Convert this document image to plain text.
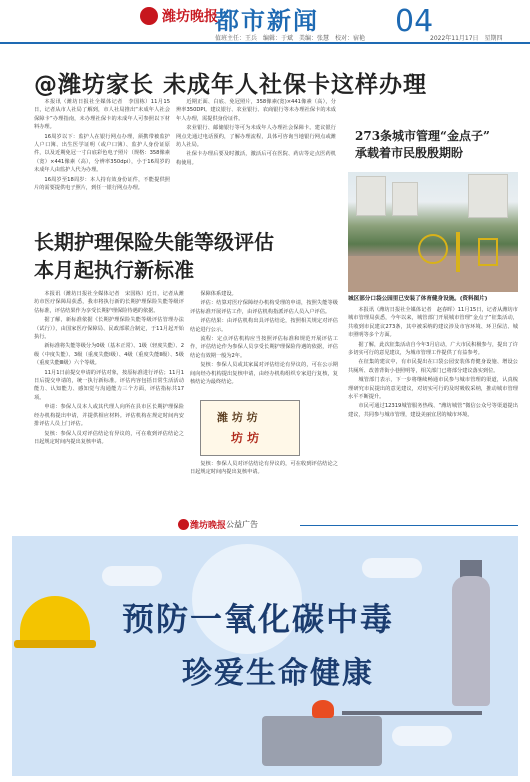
潍坊晚报
都市新闻	04
值班主任：王兵　编辑：于斌　美编：张慧　校对：宿艳	2022年11月17日　星期四
@潍坊家长 未成年人社保卡这样办理

本报讯（潍坊日报社全媒体记者　李国栋）11月15日，记者从市人社局了解到，市人社局推出“未成年人社会保障卡”办理指南，未办理社保卡的未成年人可参照以下材料办理。

16周岁以下：监护人在银行网点办理，须携带被监护人户口簿、出生医学证明（或户口簿）、监护人身份证原件，以及近期免冠一寸白底彩色电子照片（规格：358像素（宽）×441像素（高），分辨率350dpi），小于16周岁的未成年人由监护人代为办理。

16周岁至18周岁：本人持有效身份证件，不能提供照片的需要提供电子照片，到任一银行网点办理。

近期正面、白底、免冠照片，358像素(宽)×441像素（高），分辨率350DPI。建议银行、农业银行、农商银行等未办理社保卡的未成年人办理，需提供身份证件。

农业银行、邮储银行等可为未成年人办理社会保障卡。建议银行网点先通过电话预约，了解办理流程，具体可咨询当地银行网点或潍坊人社局。

社保卡办理后要及时激活，激活后可在医院、药店等定点医药机构使用。

长期护理保险失能等级评估
本月起执行新标准

本报讯（潍坊日报社全媒体记者　宋国栋）近日，记者从潍坊市医疗保障局获悉，我市将执行新的长期护理保险失能等级评估标准，评估结果作为享受长期护理保险待遇的依据。

据了解，新标准依据《长期护理保险失能等级评估管理办法（试行）》，由国家医疗保障局、民政部联合制定，于11月起开始执行。

新标准将失能等级分为0级（基本正常）、1级（轻度失能）、2级（中度失能）、3级（重度失能Ⅰ级）、4级（重度失能Ⅱ级）、5级（重度失能Ⅲ级）六个等级。

11月1日前提交申请的评估对象，按原标准进行评估；11月1日后提交申请的，统一执行新标准。评估内容包括日常生活活动能力、认知能力、感知觉与沟通能力三个方面，评估指标共17项。

申请：参保人员本人或其代理人向所在县市区长期护理保险经办机构提出申请，并提供相应材料。评估机构在规定时间内安排评估人员上门评估。

复核：参保人员对评估结论有异议的，可在收到评估结论之日起规定时间内提出复核申请。

保障体系建设。

评估：结算对医疗保障经办机构受理的申请，按照失能等级评估标准开展评估工作，由评估机构指派评估人员入户评估。

评估结果：由评估机构出具评估结论，按照相关规定对评估结论进行公示。

流程：定点评估机构应当按照评估标准和规范开展评估工作，评估结论作为参保人员享受长期护理保险待遇的依据，评估结论有效期一般为2年。

复核：参保人员或其家属对评估结论有异议的，可在公示期间向经办机构提出复核申请，由经办机构组织专家进行复核，复核结论为最终结论。

潍 坊 坊
坊 坊

复核：参保人员对评估结论有异议的，可在收到评估结论之日起规定时间内提出复核申请。

273条城市管理“金点子”
承载着市民殷殷期盼
城区部分口袋公园里已安装了体育健身设施。(资料图片)

本报讯（潍坊日报社全媒体记者　赵春晖）11月15日，记者从潍坊市城市管理局获悉，今年以来，城管部门开展城市管理“金点子”征集活动，共收到市民建议273条，其中被采纳的建议涉及市容环境、环卫保洁、城市照明等多个方面。

据了解，此次征集活动自今年3月启动，广大市民积极参与，提出了许多切实可行的意见建议，为城市管理工作提供了有益参考。

在征集的建议中，有市民提出在口袋公园安装体育健身设施、增设公共厕所、改善背街小巷照明等，相关部门已将部分建议落实到位。

城管部门表示，下一步将继续畅通市民参与城市管理的渠道，认真梳理研究市民提出的意见建议，对切实可行的及时吸收采纳，推动城市管理水平不断提升。

市民可通过12319城管服务热线、“潍坊城管”微信公众号等渠道提出建议，共同参与城市管理，建设美丽宜居的城市环境。

潍坊晚报 公益广告
预防一氧化碳中毒
珍爱生命健康
